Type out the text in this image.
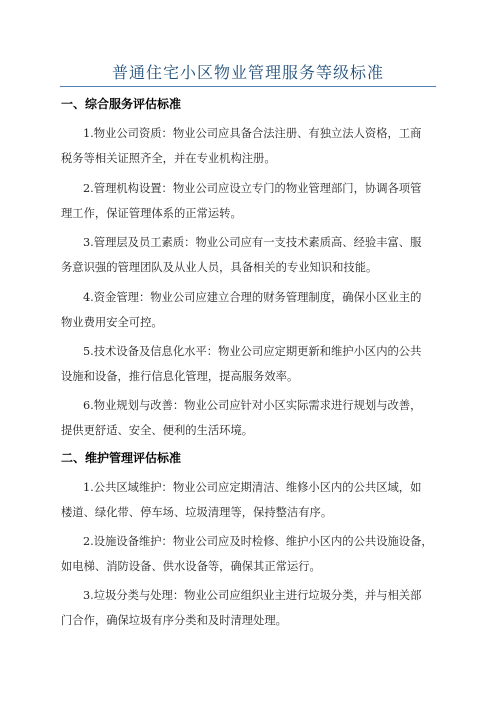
普通住宅小区物业管理服务等级标准
一、综合服务评估标准
1.物业公司资质：物业公司应具备合法注册、有独立法人资格，工商
税务等相关证照齐全，并在专业机构注册。
2.管理机构设置：物业公司应设立专门的物业管理部门，协调各项管
理工作，保证管理体系的正常运转。
3.管理层及员工素质：物业公司应有一支技术素质高、经验丰富、服
务意识强的管理团队及从业人员，具备相关的专业知识和技能。
4.资金管理：物业公司应建立合理的财务管理制度，确保小区业主的
物业费用安全可控。
5.技术设备及信息化水平：物业公司应定期更新和维护小区内的公共
设施和设备，推行信息化管理，提高服务效率。
6.物业规划与改善：物业公司应针对小区实际需求进行规划与改善，
提供更舒适、安全、便利的生活环境。
二、维护管理评估标准
1.公共区域维护：物业公司应定期清洁、维修小区内的公共区域，如
楼道、绿化带、停车场、垃圾清理等，保持整洁有序。
2.设施设备维护：物业公司应及时检修、维护小区内的公共设施设备，
如电梯、消防设备、供水设备等，确保其正常运行。
3.垃圾分类与处理：物业公司应组织业主进行垃圾分类，并与相关部
门合作，确保垃圾有序分类和及时清理处理。
